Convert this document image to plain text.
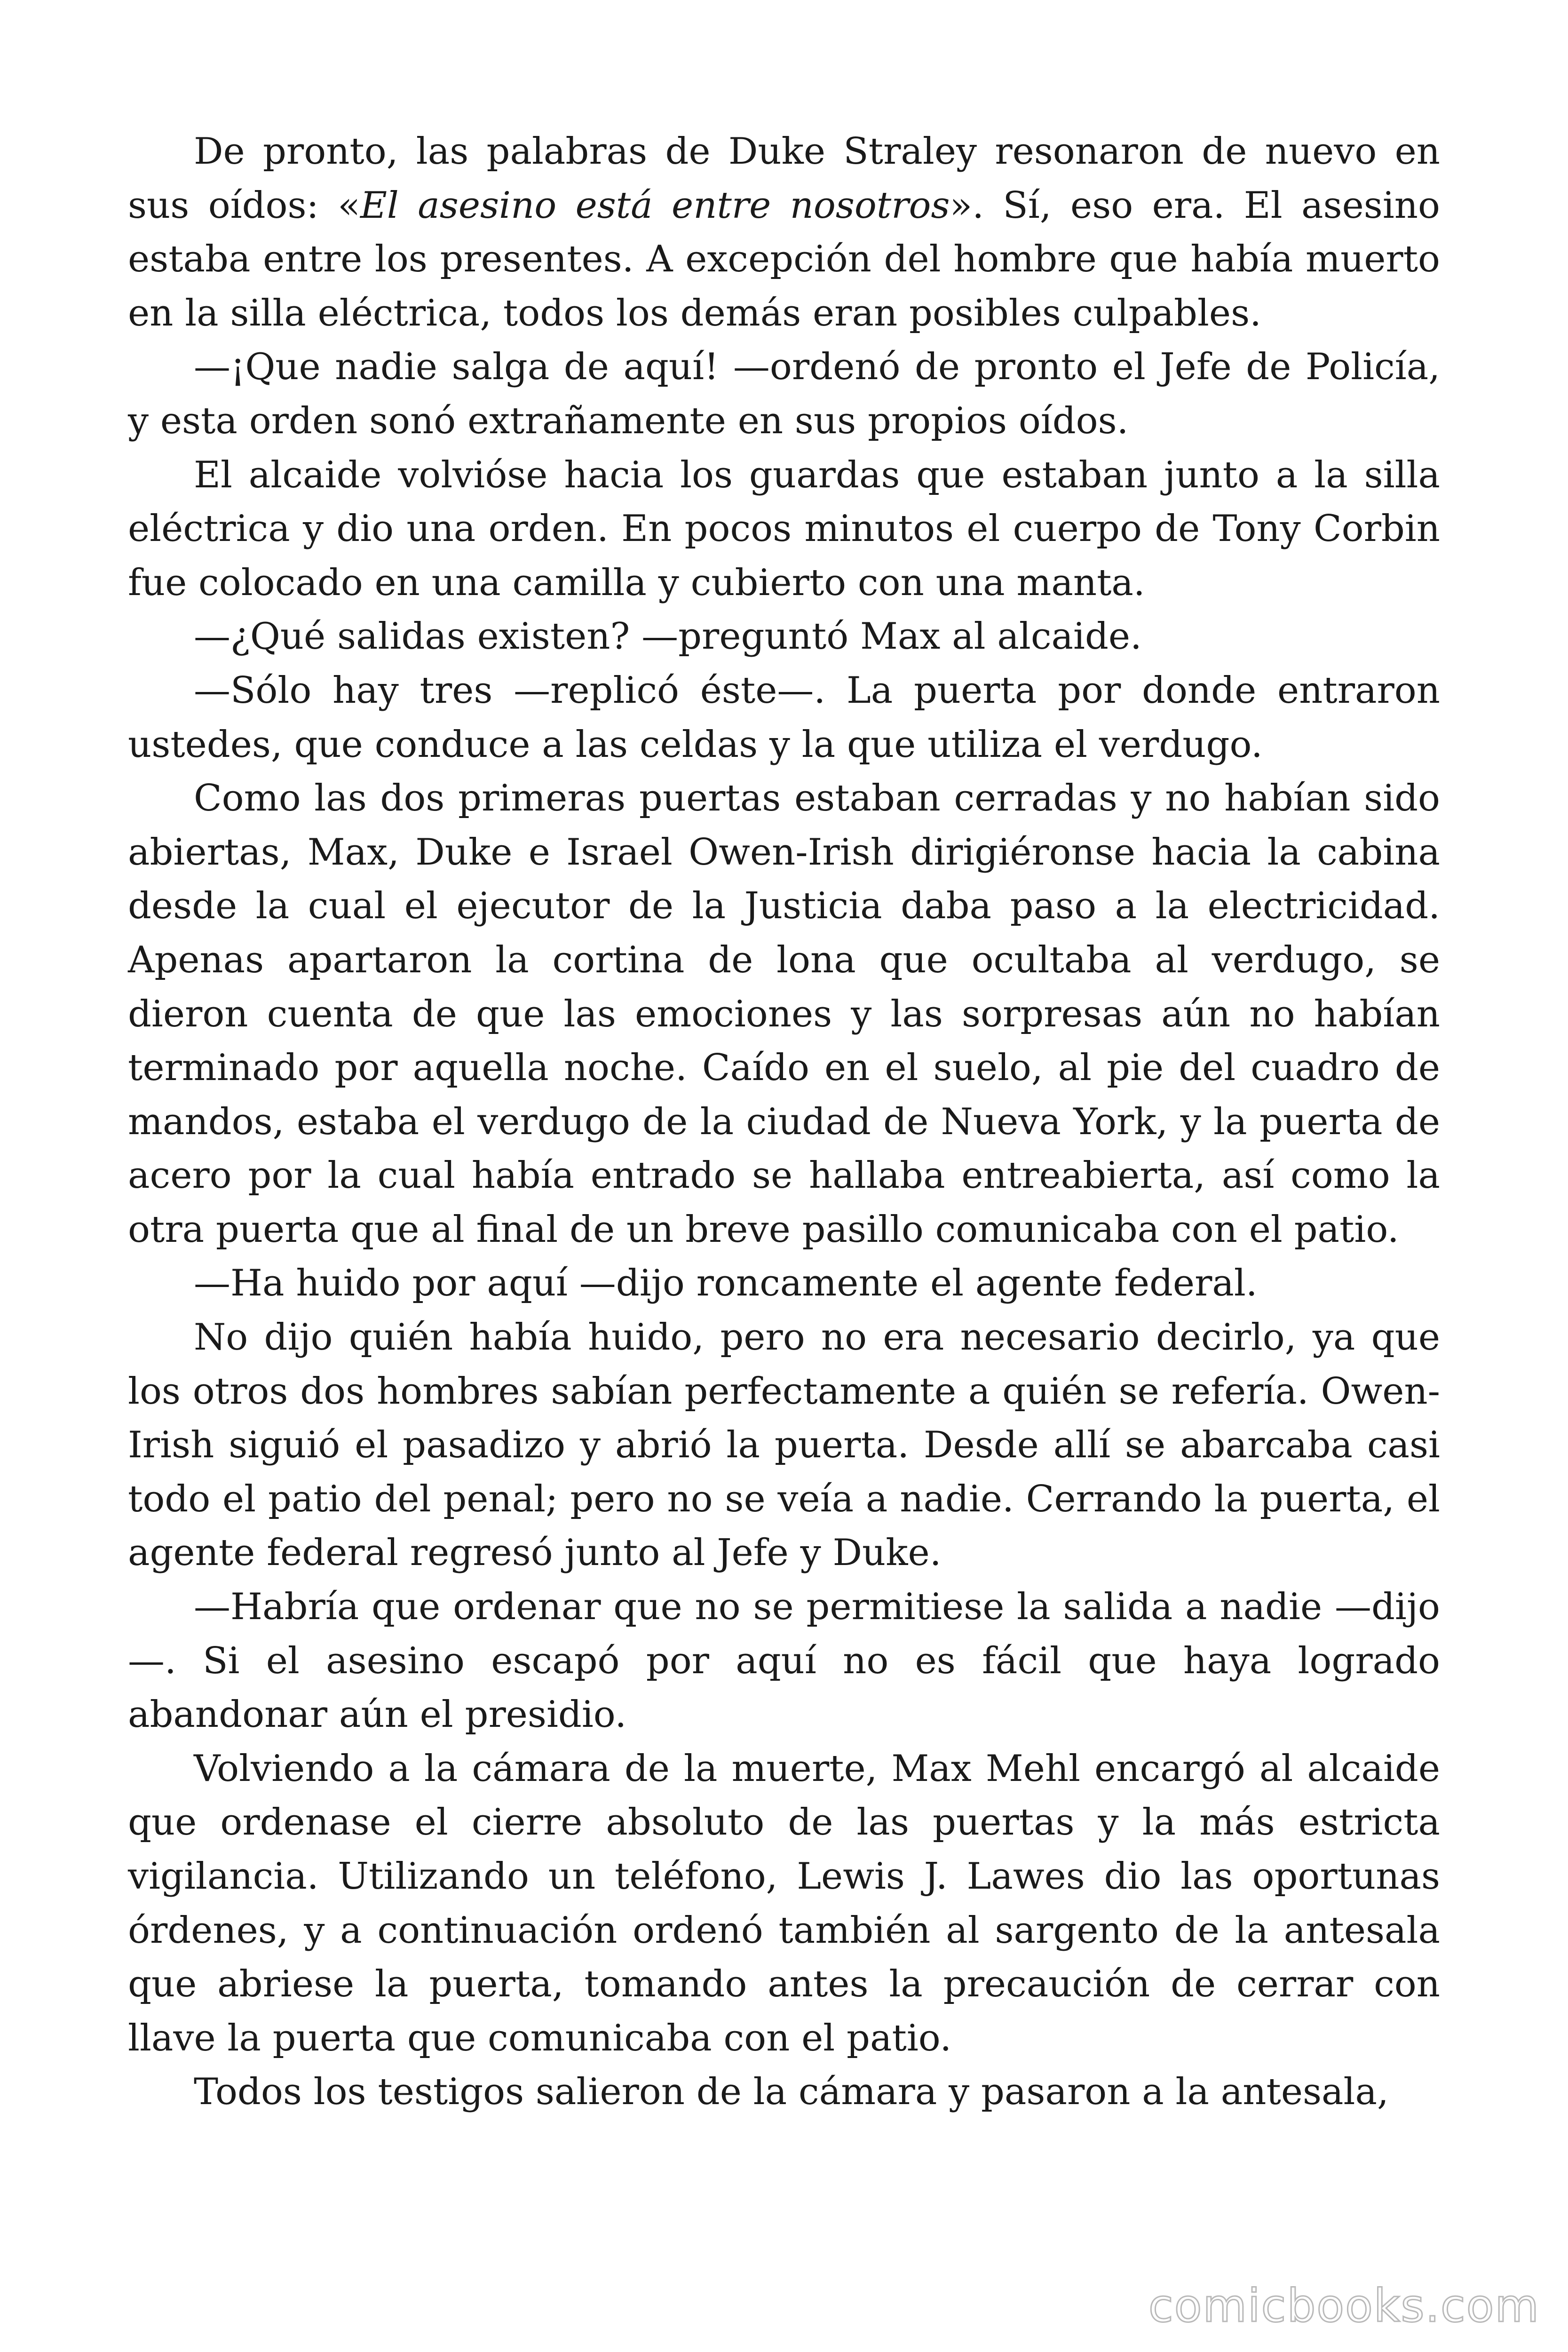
De pronto, las palabras de Duke Straley resonaron de nuevo en sus oídos: «El asesino está entre nosotros». Sí, eso era. El asesino estaba entre los presentes. A excepción del hombre que había muerto en la silla eléctrica, todos los demás eran posibles culpables.

—¡Que nadie salga de aquí! —ordenó de pronto el Jefe de Policía, y esta orden sonó extrañamente en sus propios oídos.

El alcaide volvióse hacia los guardas que estaban junto a la silla eléctrica y dio una orden. En pocos minutos el cuerpo de Tony Corbin fue colocado en una camilla y cubierto con una manta.

—¿Qué salidas existen? —preguntó Max al alcaide.

—Sólo hay tres —replicó éste—. La puerta por donde entraron ustedes, que conduce a las celdas y la que utiliza el verdugo.

Como las dos primeras puertas estaban cerradas y no habían sido abiertas, Max, Duke e Israel Owen-Irish dirigiéronse hacia la cabina desde la cual el ejecutor de la Justicia daba paso a la electricidad. Apenas apartaron la cortina de lona que ocultaba al verdugo, se dieron cuenta de que las emociones y las sorpresas aún no habían terminado por aquella noche. Caído en el suelo, al pie del cuadro de mandos, estaba el verdugo de la ciudad de Nueva York, y la puerta de acero por la cual había entrado se hallaba entreabierta, así como la otra puerta que al final de un breve pasillo comunicaba con el patio.

—Ha huido por aquí —dijo roncamente el agente federal.

No dijo quién había huido, pero no era necesario decirlo, ya que los otros dos hombres sabían perfectamente a quién se refería. Owen-Irish siguió el pasadizo y abrió la puerta. Desde allí se abarcaba casi todo el patio del penal; pero no se veía a nadie. Cerrando la puerta, el agente federal regresó junto al Jefe y Duke.

—Habría que ordenar que no se permitiese la salida a nadie —dijo—. Si el asesino escapó por aquí no es fácil que haya logrado abandonar aún el presidio.

Volviendo a la cámara de la muerte, Max Mehl encargó al alcaide que ordenase el cierre absoluto de las puertas y la más estricta vigilancia. Utilizando un teléfono, Lewis J. Lawes dio las oportunas órdenes, y a continuación ordenó también al sargento de la antesala que abriese la puerta, tomando antes la precaución de cerrar con llave la puerta que comunicaba con el patio.

Todos los testigos salieron de la cámara y pasaron a la antesala,

comicbooks.com
